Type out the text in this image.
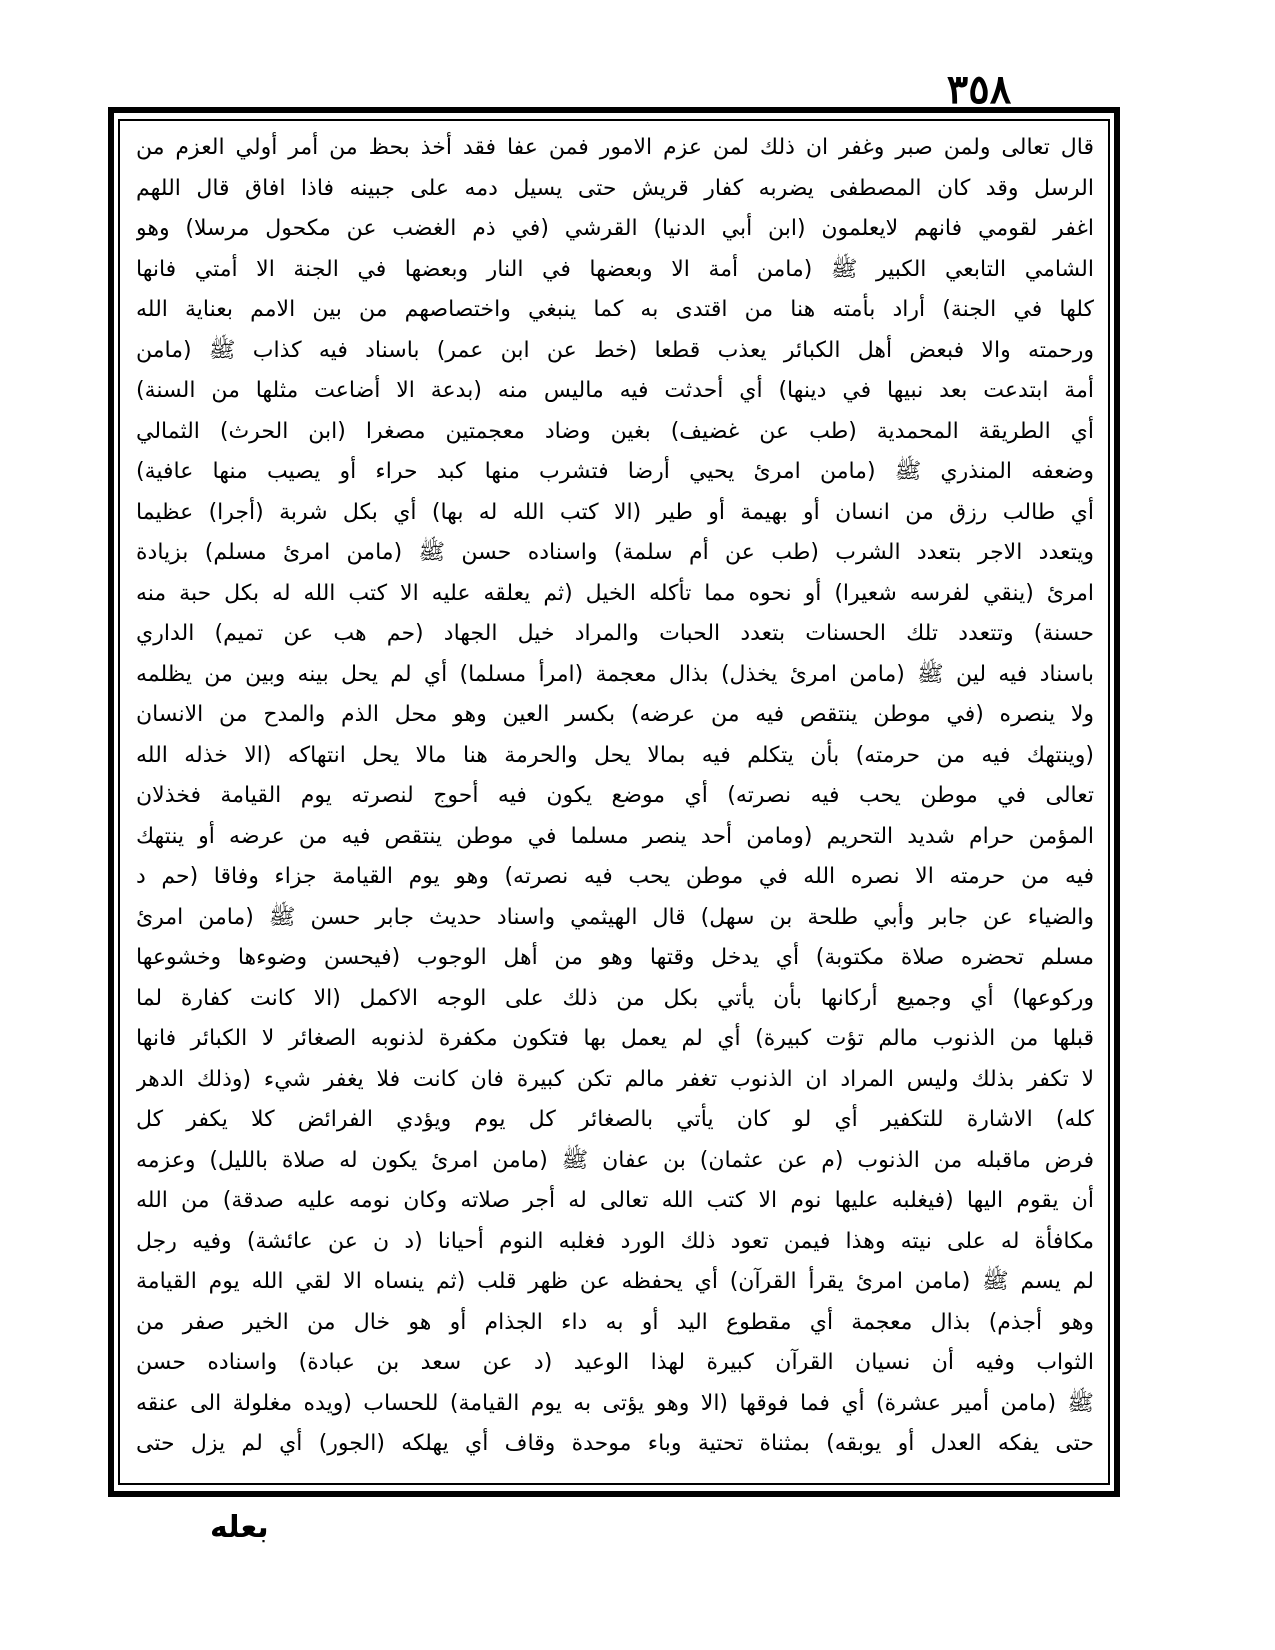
٣٥٨
قال تعالى ولمن صبر وغفر ان ذلك لمن عزم الامور فمن عفا فقد أخذ بحظ من أمر أولي العزم من
الرسل وقد كان المصطفى يضربه كفار قريش حتى يسيل دمه على جبينه فاذا افاق قال اللهم
اغفر لقومي فانهم لايعلمون (ابن أبي الدنيا) القرشي (في ذم الغضب عن مكحول مرسلا) وهو
الشامي التابعي الكبير ﷺ (مامن أمة الا وبعضها في النار وبعضها في الجنة الا أمتي فانها
كلها في الجنة) أراد بأمته هنا من اقتدى به كما ينبغي واختصاصهم من بين الامم بعناية الله
ورحمته والا فبعض أهل الكبائر يعذب قطعا (خط عن ابن عمر) باسناد فيه كذاب ﷺ (مامن
أمة ابتدعت بعد نبيها في دينها) أي أحدثت فيه ماليس منه (بدعة الا أضاعت مثلها من السنة)
أي الطريقة المحمدية (طب عن غضيف) بغين وضاد معجمتين مصغرا (ابن الحرث) الثمالي
وضعفه المنذري ﷺ (مامن امرئ يحيي أرضا فتشرب منها كبد حراء أو يصيب منها عافية)
أي طالب رزق من انسان أو بهيمة أو طير (الا كتب الله له بها) أي بكل شربة (أجرا) عظيما
ويتعدد الاجر بتعدد الشرب (طب عن أم سلمة) واسناده حسن ﷺ (مامن امرئ مسلم) بزيادة
امرئ (ينقي لفرسه شعيرا) أو نحوه مما تأكله الخيل (ثم يعلقه عليه الا كتب الله له بكل حبة منه
حسنة) وتتعدد تلك الحسنات بتعدد الحبات والمراد خيل الجهاد (حم هب عن تميم) الداري
باسناد فيه لين ﷺ (مامن امرئ يخذل) بذال معجمة (امرأ مسلما) أي لم يحل بينه وبين من يظلمه
ولا ينصره (في موطن ينتقص فيه من عرضه) بكسر العين وهو محل الذم والمدح من الانسان
(وينتهك فيه من حرمته) بأن يتكلم فيه بمالا يحل والحرمة هنا مالا يحل انتهاكه (الا خذله الله
تعالى في موطن يحب فيه نصرته) أي موضع يكون فيه أحوج لنصرته يوم القيامة فخذلان
المؤمن حرام شديد التحريم (ومامن أحد ينصر مسلما في موطن ينتقص فيه من عرضه أو ينتهك
فيه من حرمته الا نصره الله في موطن يحب فيه نصرته) وهو يوم القيامة جزاء وفاقا (حم د
والضياء عن جابر وأبي طلحة بن سهل) قال الهيثمي واسناد حديث جابر حسن ﷺ (مامن امرئ
مسلم تحضره صلاة مكتوبة) أي يدخل وقتها وهو من أهل الوجوب (فيحسن وضوءها وخشوعها
وركوعها) أي وجميع أركانها بأن يأتي بكل من ذلك على الوجه الاكمل (الا كانت كفارة لما
قبلها من الذنوب مالم تؤت كبيرة) أي لم يعمل بها فتكون مكفرة لذنوبه الصغائر لا الكبائر فانها
لا تكفر بذلك وليس المراد ان الذنوب تغفر مالم تكن كبيرة فان كانت فلا يغفر شيء (وذلك الدهر
كله) الاشارة للتكفير أي لو كان يأتي بالصغائر كل يوم ويؤدي الفرائض كلا يكفر كل
فرض ماقبله من الذنوب (م عن عثمان) بن عفان ﷺ (مامن امرئ يكون له صلاة بالليل) وعزمه
أن يقوم اليها (فيغلبه عليها نوم الا كتب الله تعالى له أجر صلاته وكان نومه عليه صدقة) من الله
مكافأة له على نيته وهذا فيمن تعود ذلك الورد فغلبه النوم أحيانا (د ن عن عائشة) وفيه رجل
لم يسم ﷺ (مامن امرئ يقرأ القرآن) أي يحفظه عن ظهر قلب (ثم ينساه الا لقي الله يوم القيامة
وهو أجذم) بذال معجمة أي مقطوع اليد أو به داء الجذام أو هو خال من الخير صفر من
الثواب وفيه أن نسيان القرآن كبيرة لهذا الوعيد (د عن سعد بن عبادة) واسناده حسن
ﷺ (مامن أمير عشرة) أي فما فوقها (الا وهو يؤتى به يوم القيامة) للحساب (ويده مغلولة الى عنقه
حتى يفكه العدل أو يوبقه) بمثناة تحتية وباء موحدة وقاف أي يهلكه (الجور) أي لم يزل حتى
بعله
